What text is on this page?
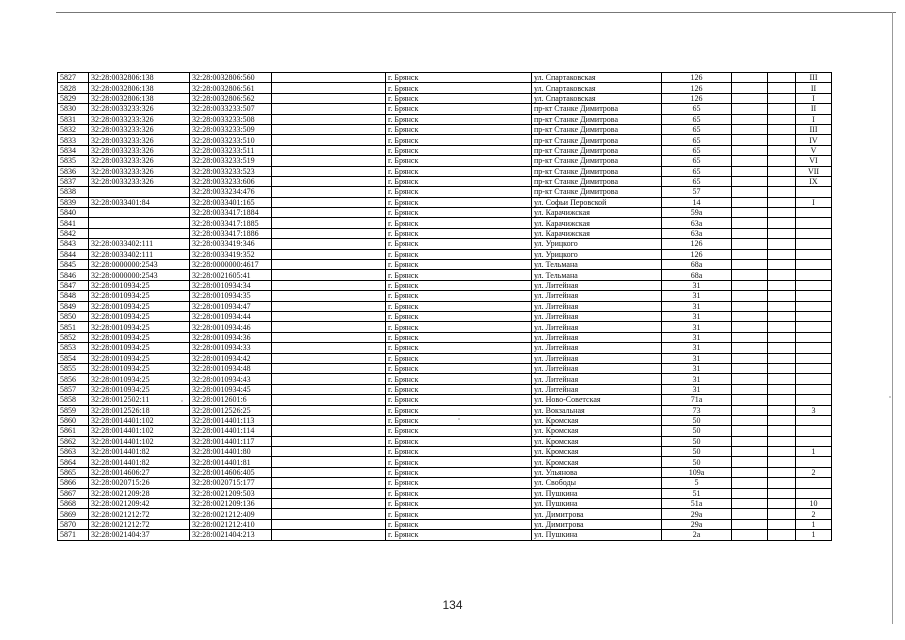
5827	32:28:0032806:138	32:28:0032806:560		г. Брянск	ул. Спартаковская	126			III
5828	32:28:0032806:138	32:28:0032806:561		г. Брянск	ул. Спартаковская	126			II
5829	32:28:0032806:138	32:28:0032806:562		г. Брянск	ул. Спартаковская	126			I
5830	32:28:0033233:326	32:28:0033233:507		г. Брянск	пр-кт Станке Димитрова	65			II
5831	32:28:0033233:326	32:28:0033233:508		г. Брянск	пр-кт Станке Димитрова	65			I
5832	32:28:0033233:326	32:28:0033233:509		г. Брянск	пр-кт Станке Димитрова	65			III
5833	32:28:0033233:326	32:28:0033233:510		г. Брянск	пр-кт Станке Димитрова	65			IV
5834	32:28:0033233:326	32:28:0033233:511		г. Брянск	пр-кт Станке Димитрова	65			V
5835	32:28:0033233:326	32:28:0033233:519		г. Брянск	пр-кт Станке Димитрова	65			VI
5836	32:28:0033233:326	32:28:0033233:523		г. Брянск	пр-кт Станке Димитрова	65			VII
5837	32:28:0033233:326	32:28:0033233:606		г. Брянск	пр-кт Станке Димитрова	65			IX
5838		32:28:0033234:476		г. Брянск	пр-кт Станке Димитрова	57			
5839	32:28:0033401:84	32:28:0033401:165		г. Брянск	ул. Софьи Перовской	14			I
5840		32:28:0033417:1884		г. Брянск	ул. Карачижская	59а			
5841		32:28:0033417:1885		г. Брянск	ул. Карачижская	63а			
5842		32:28:0033417:1886		г. Брянск	ул. Карачижская	63а			
5843	32:28:0033402:111	32:28:0033419:346		г. Брянск	ул. Урицкого	126			
5844	32:28:0033402:111	32:28:0033419:352		г. Брянск	ул. Урицкого	126			
5845	32:28:0000000:2543	32:28:0000000:4617		г. Брянск	ул. Тельмана	68а			
5846	32:28:0000000:2543	32:28:0021605:41		г. Брянск	ул. Тельмана	68а			
5847	32:28:0010934:25	32:28:0010934:34		г. Брянск	ул. Литейная	31			
5848	32:28:0010934:25	32:28:0010934:35		г. Брянск	ул. Литейная	31			
5849	32:28:0010934:25	32:28:0010934:47		г. Брянск	ул. Литейная	31			
5850	32:28:0010934:25	32:28:0010934:44		г. Брянск	ул. Литейная	31			
5851	32:28:0010934:25	32:28:0010934:46		г. Брянск	ул. Литейная	31			
5852	32:28:0010934:25	32:28:0010934:36		г. Брянск	ул. Литейная	31			
5853	32:28:0010934:25	32:28:0010934:33		г. Брянск	ул. Литейная	31			
5854	32:28:0010934:25	32:28:0010934:42		г. Брянск	ул. Литейная	31			
5855	32:28:0010934:25	32:28:0010934:48		г. Брянск	ул. Литейная	31			
5856	32:28:0010934:25	32:28:0010934:43		г. Брянск	ул. Литейная	31			
5857	32:28:0010934:25	32:28:0010934:45		г. Брянск	ул. Литейная	31			
5858	32:28:0012502:11	32:28:0012601:6		г. Брянск	ул. Ново-Советская	71а			
5859	32:28:0012526:18	32:28:0012526:25		г. Брянск	ул. Вокзальная	73			3
5860	32:28:0014401:102	32:28:0014401:113		г. Брянск	ул. Кромская	50			
5861	32:28:0014401:102	32:28:0014401:114		г. Брянск	ул. Кромская	50			
5862	32:28:0014401:102	32:28:0014401:117		г. Брянск	ул. Кромская	50			
5863	32:28:0014401:82	32:28:0014401:80		г. Брянск	ул. Кромская	50			1
5864	32:28:0014401:82	32:28:0014401:81		г. Брянск	ул. Кромская	50			
5865	32:28:0014606:27	32:28:0014606:405		г. Брянск	ул. Ульянова	109а			2
5866	32:28:0020715:26	32:28:0020715:177		г. Брянск	ул. Свободы	5			
5867	32:28:0021209:28	32:28:0021209:503		г. Брянск	ул. Пушкина	51			
5868	32:28:0021209:42	32:28:0021209:136		г. Брянск	ул. Пушкина	51а			10
5869	32:28:0021212:72	32:28:0021212:409		г. Брянск	ул. Димитрова	29а			2
5870	32:28:0021212:72	32:28:0021212:410		г. Брянск	ул. Димитрова	29а			1
5871	32:28:0021404:37	32:28:0021404:213		г. Брянск	ул. Пушкина	2а			1
134
